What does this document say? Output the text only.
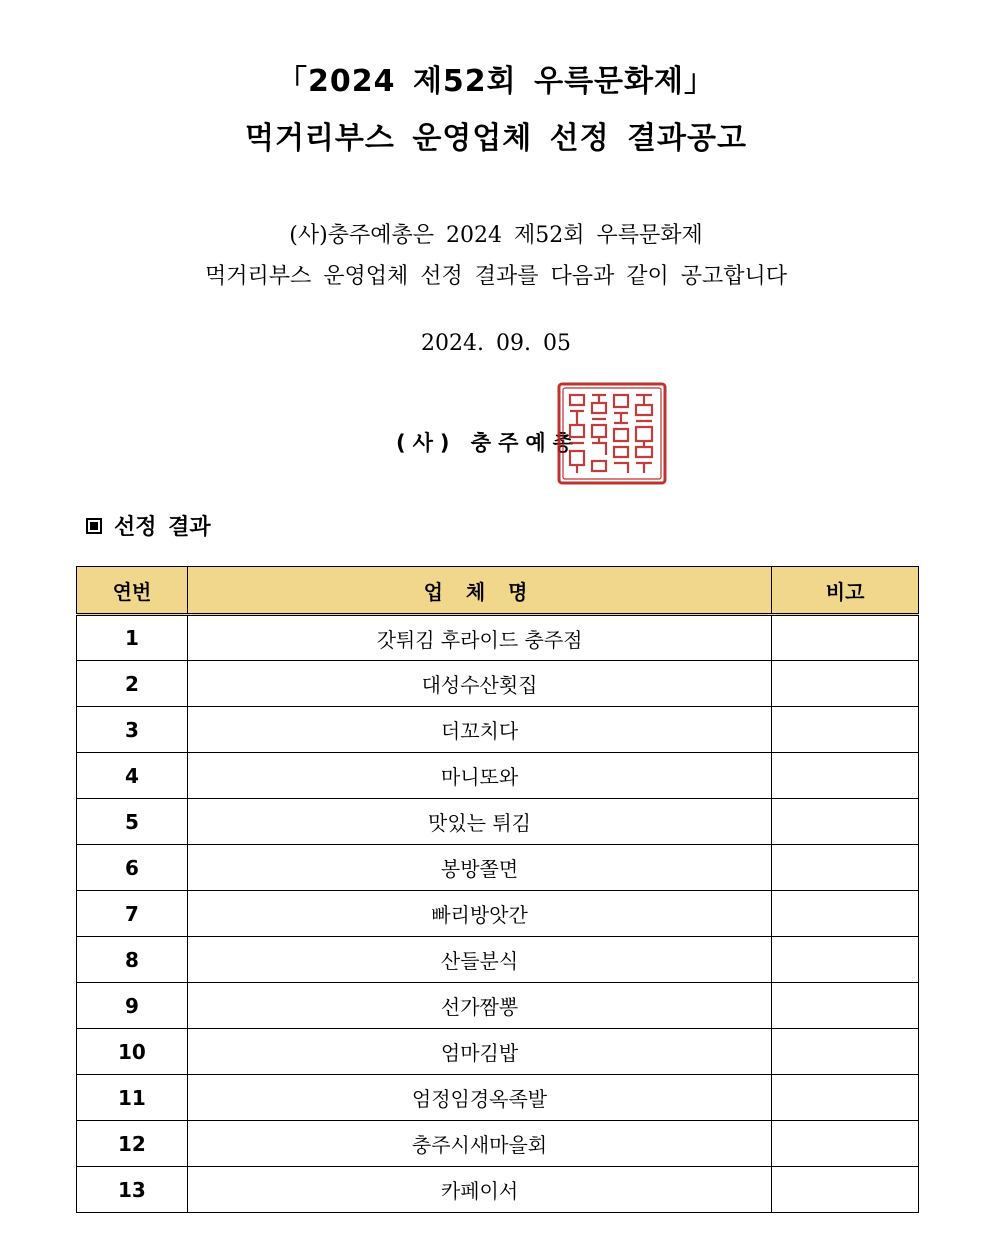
「2024 제52회 우륵문화제」
먹거리부스 운영업체 선정 결과공고
(사)충주예총은 2024 제52회 우륵문화제
먹거리부스 운영업체 선정 결과를 다음과 같이 공고합니다
2024. 09. 05
(사) 충주예총
선정 결과
연번	업 체 명	비고
1	갓튀김 후라이드 충주점	
2	대성수산횟집	
3	더꼬치다	
4	마니또와	
5	맛있는 튀김	
6	봉방쫄면	
7	빠리방앗간	
8	산들분식	
9	선가짬뽕	
10	엄마김밥	
11	엄정임경옥족발	
12	충주시새마을회	
13	카페이서	
